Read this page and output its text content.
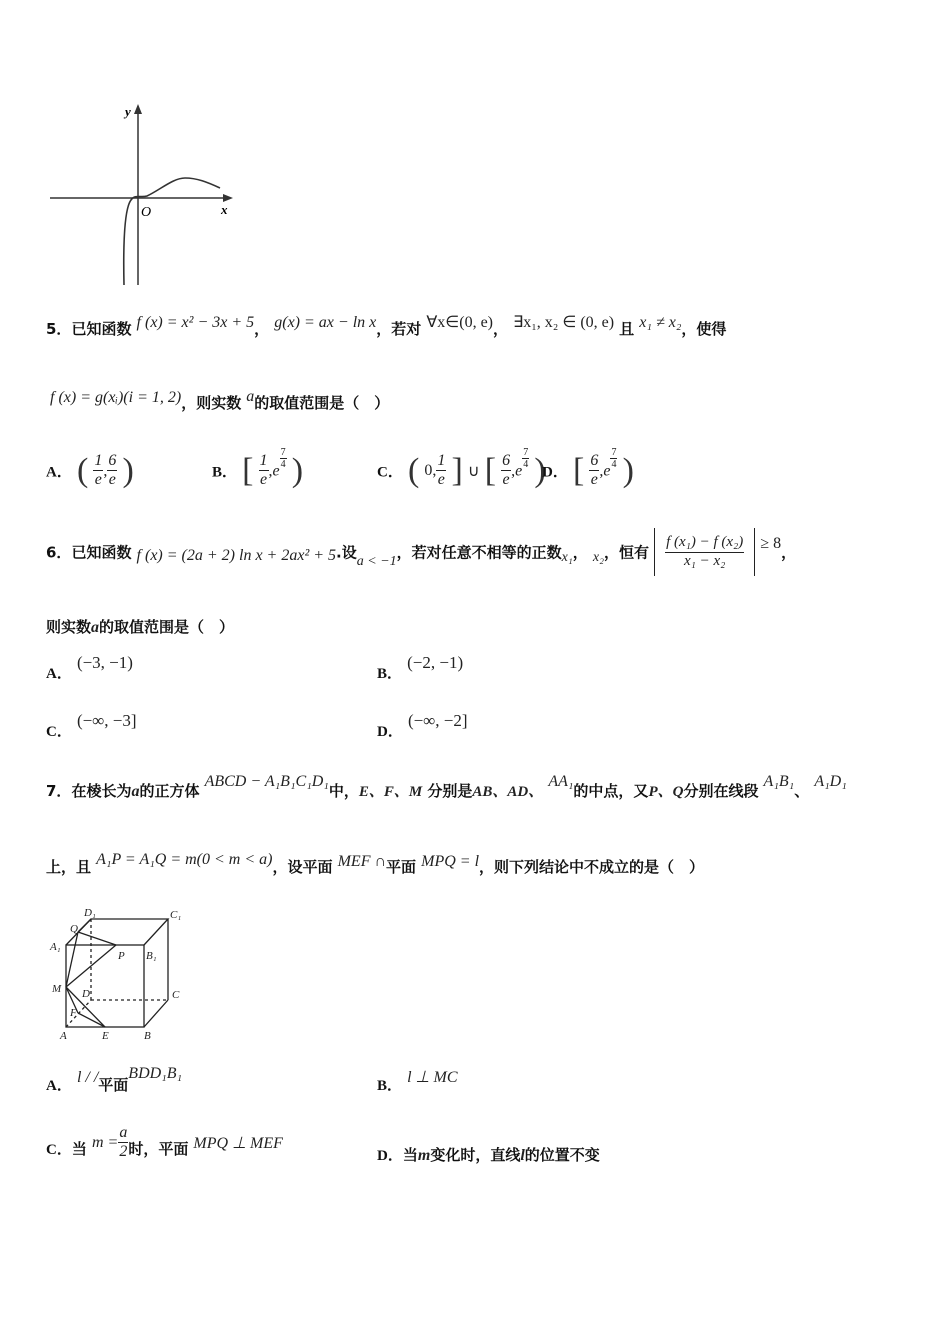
y
x
O
5．已知函数 f (x) = x² − 3x + 5， g(x) = ax − ln x，若对 ∀x∈(0, e)， ∃x₁, x₂ ∈ (0, e) 且 x₁ ≠ x₂，使得
f (x) = g(xᵢ)(i = 1, 2)，则实数 a的取值范围是（　）
A． ( $\frac{1}{e}$ , $\frac{6}{e}$ )	B． [ $\frac{1}{e} ,e \frac{7}{4}$ )	C． ( 0, $\frac{1}{e}$ ] ∪ [ $\frac{6}{e} ,e \frac{7}{4}$ )
D． [ $\frac{6}{e} ,e \frac{7}{4}$ )
6．已知函数 f (x) = (2a + 2) ln x + 2ax² + 5.设a < −1，若对任意不相等的正数x₁， x₂，恒有 $\frac{\text{f (x₁) − f (x₂)}}{\text{x₁ − x₂}} \ge 8$，
则实数a的取值范围是（　）
A． (−3, −1)
B． (−2, −1)
C． (−∞, −3]
D． (−∞, −2]
7．在棱长为a的正方体 ABCD − A₁B₁C₁D₁中，E、F、M 分别是AB、AD、 AA₁的中点，又P、Q分别在线段 A₁B₁、 A₁D₁
上，且 A₁P = A₁Q = m(0 < m < a)，设平面 MEF ∩平面 MPQ = l，则下列结论中不成立的是（　）
D₁	C₁
Q
A₁
P B₁
M D	C
F
A	E	B
A． l / /平面BDD₁B₁
B． l ⊥ MC
C．当 $m = \frac{a}{2}$ 时，平面 MPQ ⊥ MEF
D．当m变化时，直线l的位置不变
